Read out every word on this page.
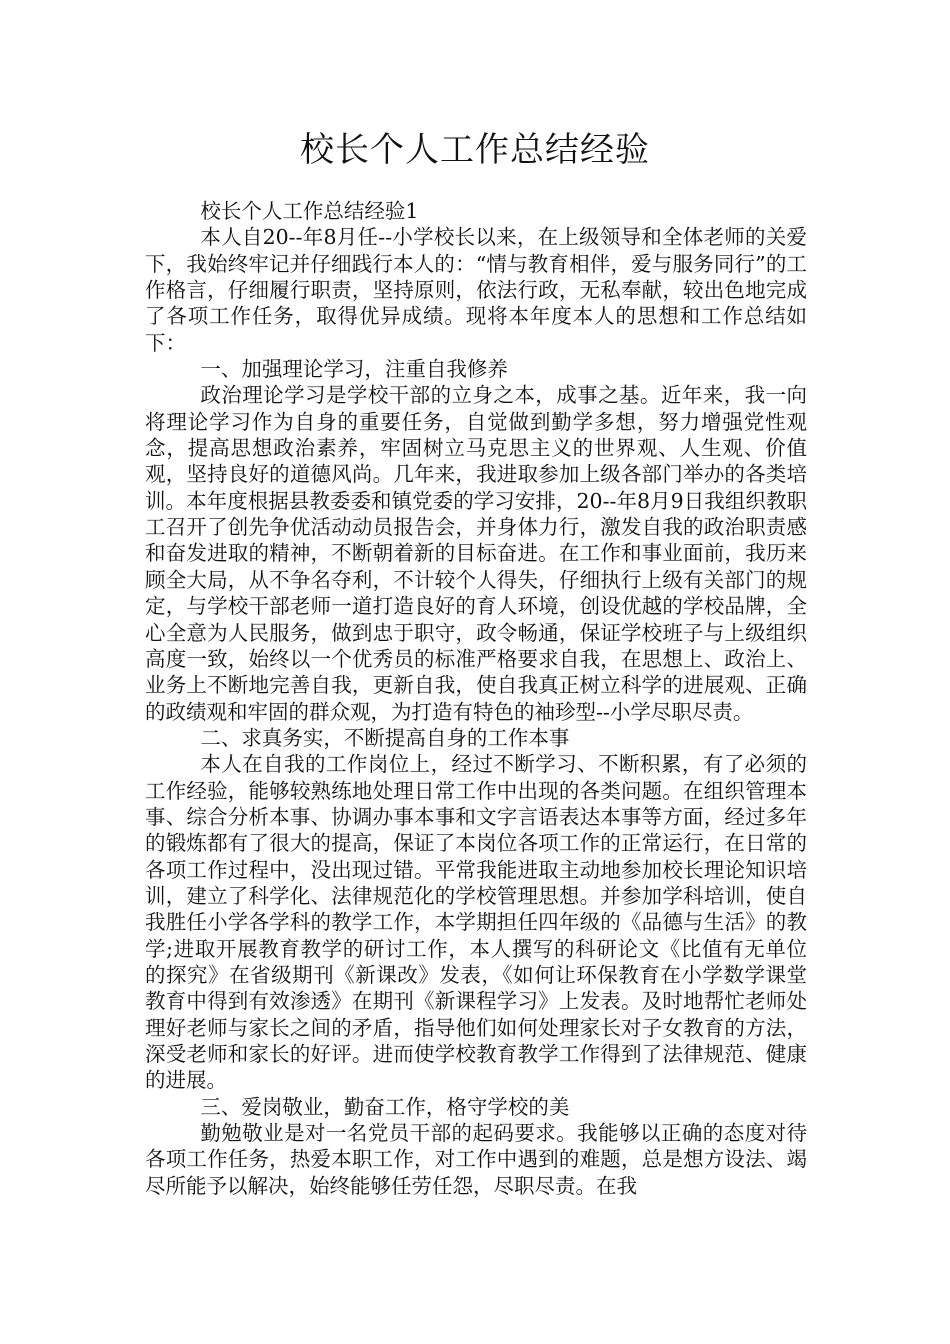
校长个人工作总结经验

校长个人工作总结经验1

本人自20--年8月任--小学校长以来，在上级领导和全体老师的关爱下，我始终牢记并仔细践行本人的：“情与教育相伴，爱与服务同行”的工作格言，仔细履行职责，坚持原则，依法行政，无私奉献，较出色地完成了各项工作任务，取得优异成绩。现将本年度本人的思想和工作总结如下：

一、加强理论学习，注重自我修养

政治理论学习是学校干部的立身之本，成事之基。近年来，我一向将理论学习作为自身的重要任务，自觉做到勤学多想，努力增强党性观念，提高思想政治素养，牢固树立马克思主义的世界观、人生观、价值观，坚持良好的道德风尚。几年来，我进取参加上级各部门举办的各类培训。本年度根据县教委委和镇党委的学习安排，20--年8月9日我组织教职工召开了创先争优活动动员报告会，并身体力行，激发自我的政治职责感和奋发进取的精神，不断朝着新的目标奋进。在工作和事业面前，我历来顾全大局，从不争名夺利，不计较个人得失，仔细执行上级有关部门的规定，与学校干部老师一道打造良好的育人环境，创设优越的学校品牌，全心全意为人民服务，做到忠于职守，政令畅通，保证学校班子与上级组织高度一致，始终以一个优秀员的标准严格要求自我，在思想上、政治上、业务上不断地完善自我，更新自我，使自我真正树立科学的进展观、正确的政绩观和牢固的群众观，为打造有特色的袖珍型--小学尽职尽责。

二、求真务实，不断提高自身的工作本事

本人在自我的工作岗位上，经过不断学习、不断积累，有了必须的工作经验，能够较熟练地处理日常工作中出现的各类问题。在组织管理本事、综合分析本事、协调办事本事和文字言语表达本事等方面，经过多年的锻炼都有了很大的提高，保证了本岗位各项工作的正常运行，在日常的各项工作过程中，没出现过错。平常我能进取主动地参加校长理论知识培训，建立了科学化、法律规范化的学校管理思想。并参加学科培训，使自我胜任小学各学科的教学工作，本学期担任四年级的《品德与生活》的教学;进取开展教育教学的研讨工作，本人撰写的科研论文《比值有无单位的探究》在省级期刊《新课改》发表，《如何让环保教育在小学数学课堂教育中得到有效渗透》在期刊《新课程学习》上发表。及时地帮忙老师处理好老师与家长之间的矛盾，指导他们如何处理家长对子女教育的方法，深受老师和家长的好评。进而使学校教育教学工作得到了法律规范、健康的进展。

三、爱岗敬业，勤奋工作，格守学校的美

勤勉敬业是对一名党员干部的起码要求。我能够以正确的态度对待各项工作任务，热爱本职工作，对工作中遇到的难题，总是想方设法、竭尽所能予以解决，始终能够任劳任怨，尽职尽责。在我
